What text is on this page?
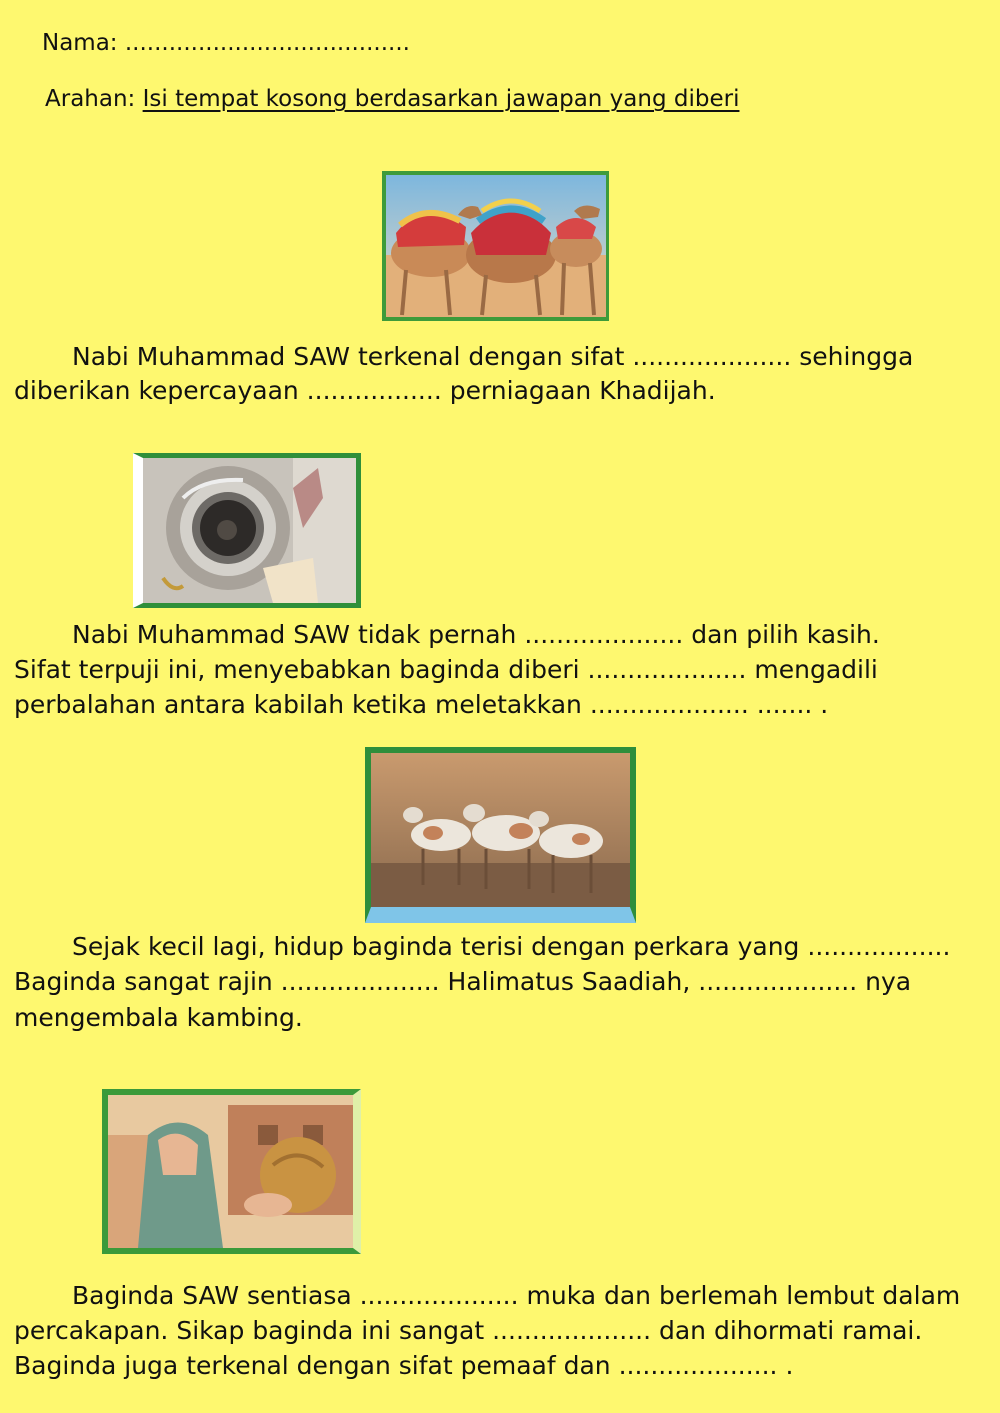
Nama: .......................................
Arahan: Isi tempat kosong berdasarkan jawapan yang diberi
Nabi Muhammad SAW terkenal dengan sifat .................... sehingga
diberikan kepercayaan ................. perniagaan Khadijah.
Nabi Muhammad SAW tidak pernah .................... dan pilih kasih.
Sifat terpuji ini, menyebabkan baginda diberi .................... mengadili
perbalahan antara kabilah ketika meletakkan .................... ....... .
Sejak kecil lagi, hidup baginda terisi dengan perkara yang ..................
Baginda sangat rajin .................... Halimatus Saadiah, .................... nya
mengembala kambing.
Baginda SAW sentiasa .................... muka dan berlemah lembut dalam
percakapan. Sikap baginda ini sangat .................... dan dihormati ramai.
Baginda juga terkenal dengan sifat pemaaf dan .................... .
